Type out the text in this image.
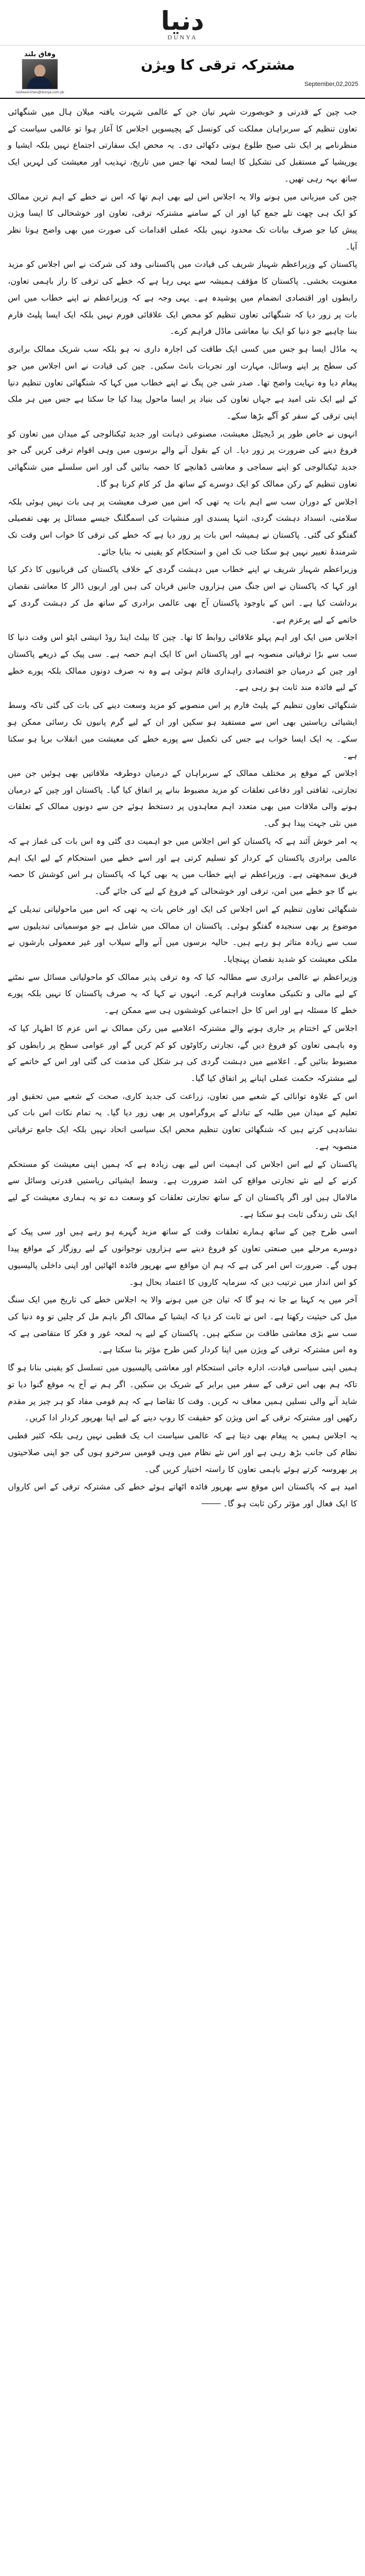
دنیا
DUNYA
وفاق بلند
rasheed.khan@dunya.com.pk
مشترکہ ترقی کا ویژن
September,02,2025

جب چین کے قدرتی و خوبصورت شہر تیان جن کے عالمی شہرت یافتہ میلان ہال میں شنگھائی تعاون تنظیم کے سربراہان مملکت کی کونسل کے پچیسویں اجلاس کا آغاز ہوا تو عالمی سیاست کے منظرنامے پر ایک نئی صبح طلوع ہوتی دکھائی دی۔ یہ محض ایک سفارتی اجتماع نہیں بلکہ ایشیا و یوریشیا کے مستقبل کی تشکیل کا ایسا لمحہ تھا جس میں تاریخ، تہذیب اور معیشت کی لہریں ایک ساتھ بہہ رہی تھیں۔

چین کی میزبانی میں ہونے والا یہ اجلاس اس لیے بھی اہم تھا کہ اس نے خطے کے اہم ترین ممالک کو ایک ہی چھت تلے جمع کیا اور ان کے سامنے مشترکہ ترقی، تعاون اور خوشحالی کا ایسا ویژن پیش کیا جو صرف بیانات تک محدود نہیں بلکہ عملی اقدامات کی صورت میں بھی واضح ہوتا نظر آیا۔

پاکستان کے وزیراعظم شہباز شریف کی قیادت میں پاکستانی وفد کی شرکت نے اس اجلاس کو مزید معنویت بخشی۔ پاکستان کا مؤقف ہمیشہ سے یہی رہا ہے کہ خطے کی ترقی کا راز باہمی تعاون، رابطوں اور اقتصادی انضمام میں پوشیدہ ہے۔ یہی وجہ ہے کہ وزیراعظم نے اپنے خطاب میں اس بات پر زور دیا کہ شنگھائی تعاون تنظیم کو محض ایک علاقائی فورم نہیں بلکہ ایک ایسا پلیٹ فارم بننا چاہیے جو دنیا کو ایک نیا معاشی ماڈل فراہم کرے۔

یہ ماڈل ایسا ہو جس میں کسی ایک طاقت کی اجارہ داری نہ ہو بلکہ سب شریک ممالک برابری کی سطح پر اپنے وسائل، مہارت اور تجربات بانٹ سکیں۔ چین کی قیادت نے اس اجلاس میں جو پیغام دیا وہ نہایت واضح تھا۔ صدر شی جن پنگ نے اپنے خطاب میں کہا کہ شنگھائی تعاون تنظیم دنیا کے لیے ایک نئی امید ہے جہاں تعاون کی بنیاد پر ایسا ماحول پیدا کیا جا سکتا ہے جس میں ہر ملک اپنی ترقی کے سفر کو آگے بڑھا سکے۔

انہوں نے خاص طور پر ڈیجیٹل معیشت، مصنوعی ذہانت اور جدید ٹیکنالوجی کے میدان میں تعاون کو فروغ دینے کی ضرورت پر زور دیا۔ ان کے بقول آنے والے برسوں میں وہی اقوام ترقی کریں گی جو جدید ٹیکنالوجی کو اپنے سماجی و معاشی ڈھانچے کا حصہ بنائیں گی اور اس سلسلے میں شنگھائی تعاون تنظیم کے رکن ممالک کو ایک دوسرے کے ساتھ مل کر کام کرنا ہو گا۔

اجلاس کے دوران سب سے اہم بات یہ تھی کہ اس میں صرف معیشت پر ہی بات نہیں ہوئی بلکہ سلامتی، انسداد دہشت گردی، انتہا پسندی اور منشیات کی اسمگلنگ جیسے مسائل پر بھی تفصیلی گفتگو کی گئی۔ پاکستان نے ہمیشہ اس بات پر زور دیا ہے کہ خطے کی ترقی کا خواب اس وقت تک شرمندۂ تعبیر نہیں ہو سکتا جب تک امن و استحکام کو یقینی نہ بنایا جائے۔

وزیراعظم شہباز شریف نے اپنے خطاب میں دہشت گردی کے خلاف پاکستان کی قربانیوں کا ذکر کیا اور کہا کہ پاکستان نے اس جنگ میں ہزاروں جانیں قربان کی ہیں اور اربوں ڈالر کا معاشی نقصان برداشت کیا ہے۔ اس کے باوجود پاکستان آج بھی عالمی برادری کے ساتھ مل کر دہشت گردی کے خاتمے کے لیے پرعزم ہے۔

اجلاس میں ایک اور اہم پہلو علاقائی روابط کا تھا۔ چین کا بیلٹ اینڈ روڈ انیشی ایٹو اس وقت دنیا کا سب سے بڑا ترقیاتی منصوبہ ہے اور پاکستان اس کا ایک اہم حصہ ہے۔ سی پیک کے ذریعے پاکستان اور چین کے درمیان جو اقتصادی راہداری قائم ہوئی ہے وہ نہ صرف دونوں ممالک بلکہ پورے خطے کے لیے فائدہ مند ثابت ہو رہی ہے۔

شنگھائی تعاون تنظیم کے پلیٹ فارم پر اس منصوبے کو مزید وسعت دینے کی بات کی گئی تاکہ وسط ایشیائی ریاستیں بھی اس سے مستفید ہو سکیں اور ان کے لیے گرم پانیوں تک رسائی ممکن ہو سکے۔ یہ ایک ایسا خواب ہے جس کی تکمیل سے پورے خطے کی معیشت میں انقلاب برپا ہو سکتا ہے۔

اجلاس کے موقع پر مختلف ممالک کے سربراہان کے درمیان دوطرفہ ملاقاتیں بھی ہوئیں جن میں تجارتی، ثقافتی اور دفاعی تعلقات کو مزید مضبوط بنانے پر اتفاق کیا گیا۔ پاکستان اور چین کے درمیان ہونے والی ملاقات میں بھی متعدد اہم معاہدوں پر دستخط ہوئے جن سے دونوں ممالک کے تعلقات میں نئی جہت پیدا ہو گی۔

یہ امر خوش آئند ہے کہ پاکستان کو اس اجلاس میں جو اہمیت دی گئی وہ اس بات کی غماز ہے کہ عالمی برادری پاکستان کے کردار کو تسلیم کرتی ہے اور اسے خطے میں استحکام کے لیے ایک اہم فریق سمجھتی ہے۔ وزیراعظم نے اپنے خطاب میں یہ بھی کہا کہ پاکستان ہر اس کوشش کا حصہ بنے گا جو خطے میں امن، ترقی اور خوشحالی کے فروغ کے لیے کی جائے گی۔

شنگھائی تعاون تنظیم کے اس اجلاس کی ایک اور خاص بات یہ تھی کہ اس میں ماحولیاتی تبدیلی کے موضوع پر بھی سنجیدہ گفتگو ہوئی۔ پاکستان ان ممالک میں شامل ہے جو موسمیاتی تبدیلیوں سے سب سے زیادہ متاثر ہو رہے ہیں۔ حالیہ برسوں میں آنے والے سیلاب اور غیر معمولی بارشوں نے ملکی معیشت کو شدید نقصان پہنچایا۔

وزیراعظم نے عالمی برادری سے مطالبہ کیا کہ وہ ترقی پذیر ممالک کو ماحولیاتی مسائل سے نمٹنے کے لیے مالی و تکنیکی معاونت فراہم کرے۔ انہوں نے کہا کہ یہ صرف پاکستان کا نہیں بلکہ پورے خطے کا مسئلہ ہے اور اس کا حل اجتماعی کوششوں ہی سے ممکن ہے۔

اجلاس کے اختتام پر جاری ہونے والے مشترکہ اعلامیے میں رکن ممالک نے اس عزم کا اظہار کیا کہ وہ باہمی تعاون کو فروغ دیں گے، تجارتی رکاوٹوں کو کم کریں گے اور عوامی سطح پر رابطوں کو مضبوط بنائیں گے۔ اعلامیے میں دہشت گردی کی ہر شکل کی مذمت کی گئی اور اس کے خاتمے کے لیے مشترکہ حکمت عملی اپنانے پر اتفاق کیا گیا۔

اس کے علاوہ توانائی کے شعبے میں تعاون، زراعت کی جدید کاری، صحت کے شعبے میں تحقیق اور تعلیم کے میدان میں طلبہ کے تبادلے کے پروگراموں پر بھی زور دیا گیا۔ یہ تمام نکات اس بات کی نشاندہی کرتے ہیں کہ شنگھائی تعاون تنظیم محض ایک سیاسی اتحاد نہیں بلکہ ایک جامع ترقیاتی منصوبہ ہے۔

پاکستان کے لیے اس اجلاس کی اہمیت اس لیے بھی زیادہ ہے کہ ہمیں اپنی معیشت کو مستحکم کرنے کے لیے نئے تجارتی مواقع کی اشد ضرورت ہے۔ وسط ایشیائی ریاستیں قدرتی وسائل سے مالامال ہیں اور اگر پاکستان ان کے ساتھ تجارتی تعلقات کو وسعت دے تو یہ ہماری معیشت کے لیے ایک نئی زندگی ثابت ہو سکتا ہے۔

اسی طرح چین کے ساتھ ہمارے تعلقات وقت کے ساتھ مزید گہرے ہو رہے ہیں اور سی پیک کے دوسرے مرحلے میں صنعتی تعاون کو فروغ دینے سے ہزاروں نوجوانوں کے لیے روزگار کے مواقع پیدا ہوں گے۔ ضرورت اس امر کی ہے کہ ہم ان مواقع سے بھرپور فائدہ اٹھائیں اور اپنی داخلی پالیسیوں کو اس انداز میں ترتیب دیں کہ سرمایہ کاروں کا اعتماد بحال ہو۔

آخر میں یہ کہنا بے جا نہ ہو گا کہ تیان جن میں ہونے والا یہ اجلاس خطے کی تاریخ میں ایک سنگ میل کی حیثیت رکھتا ہے۔ اس نے ثابت کر دیا کہ ایشیا کے ممالک اگر باہم مل کر چلیں تو وہ دنیا کی سب سے بڑی معاشی طاقت بن سکتے ہیں۔ پاکستان کے لیے یہ لمحہ غور و فکر کا متقاضی ہے کہ وہ اس مشترکہ ترقی کے ویژن میں اپنا کردار کس طرح مؤثر بنا سکتا ہے۔

ہمیں اپنی سیاسی قیادت، ادارہ جاتی استحکام اور معاشی پالیسیوں میں تسلسل کو یقینی بنانا ہو گا تاکہ ہم بھی اس ترقی کے سفر میں برابر کے شریک بن سکیں۔ اگر ہم نے آج یہ موقع گنوا دیا تو شاید آنے والی نسلیں ہمیں معاف نہ کریں۔ وقت کا تقاضا ہے کہ ہم قومی مفاد کو ہر چیز پر مقدم رکھیں اور مشترکہ ترقی کے اس ویژن کو حقیقت کا روپ دینے کے لیے اپنا بھرپور کردار ادا کریں۔

یہ اجلاس ہمیں یہ پیغام بھی دیتا ہے کہ عالمی سیاست اب یک قطبی نہیں رہی بلکہ کثیر قطبی نظام کی جانب بڑھ رہی ہے اور اس نئے نظام میں وہی قومیں سرخرو ہوں گی جو اپنی صلاحیتوں پر بھروسہ کرتے ہوئے باہمی تعاون کا راستہ اختیار کریں گی۔

امید ہے کہ پاکستان اس موقع سے بھرپور فائدہ اٹھاتے ہوئے خطے کی مشترکہ ترقی کے اس کارواں کا ایک فعال اور مؤثر رکن ثابت ہو گا۔
